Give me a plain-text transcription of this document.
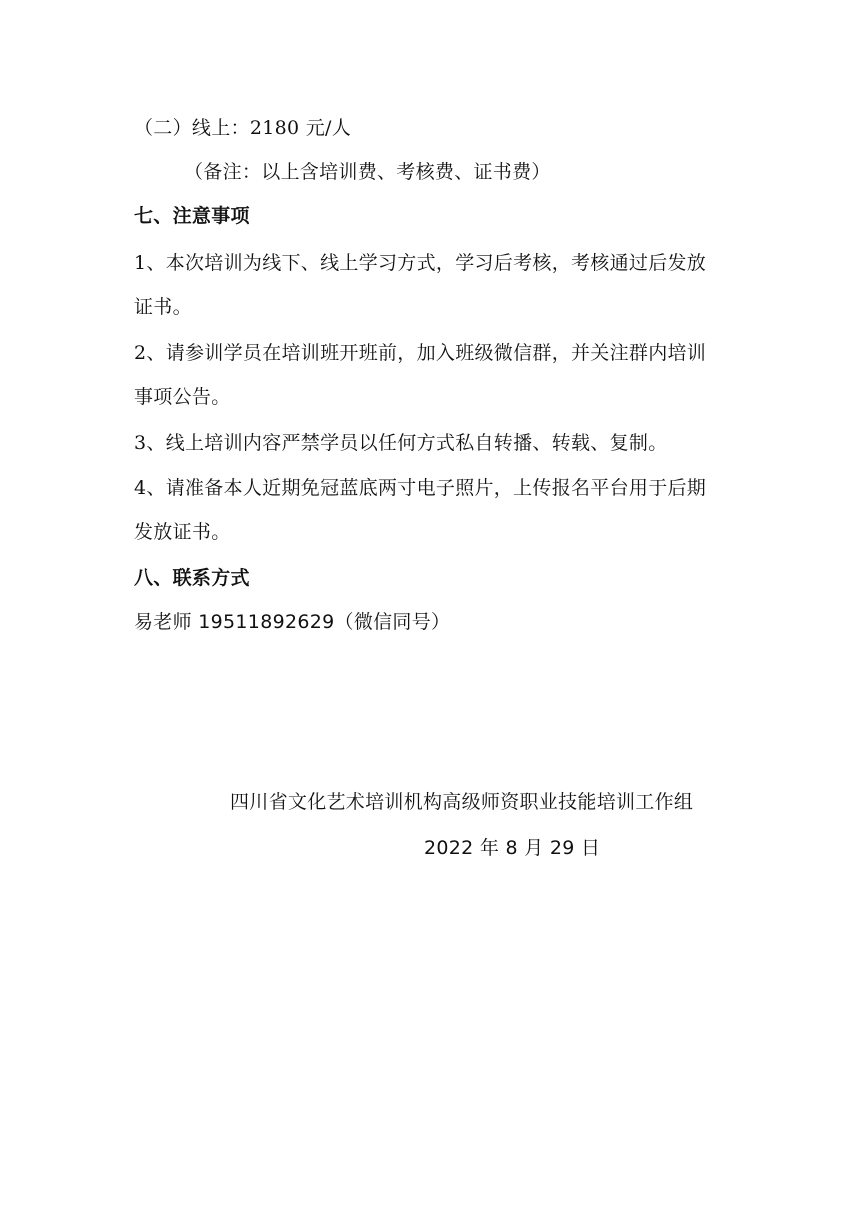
（二）线上：2180 元/人
（备注：以上含培训费、考核费、证书费）
七、注意事项
1、本次培训为线下、线上学习方式，学习后考核，考核通过后发放
证书。
2、请参训学员在培训班开班前，加入班级微信群，并关注群内培训
事项公告。
3、线上培训内容严禁学员以任何方式私自转播、转载、复制。
4、请准备本人近期免冠蓝底两寸电子照片，上传报名平台用于后期
发放证书。
八、联系方式
易老师 19511892629（微信同号）
四川省文化艺术培训机构高级师资职业技能培训工作组
2022 年 8 月 29 日
